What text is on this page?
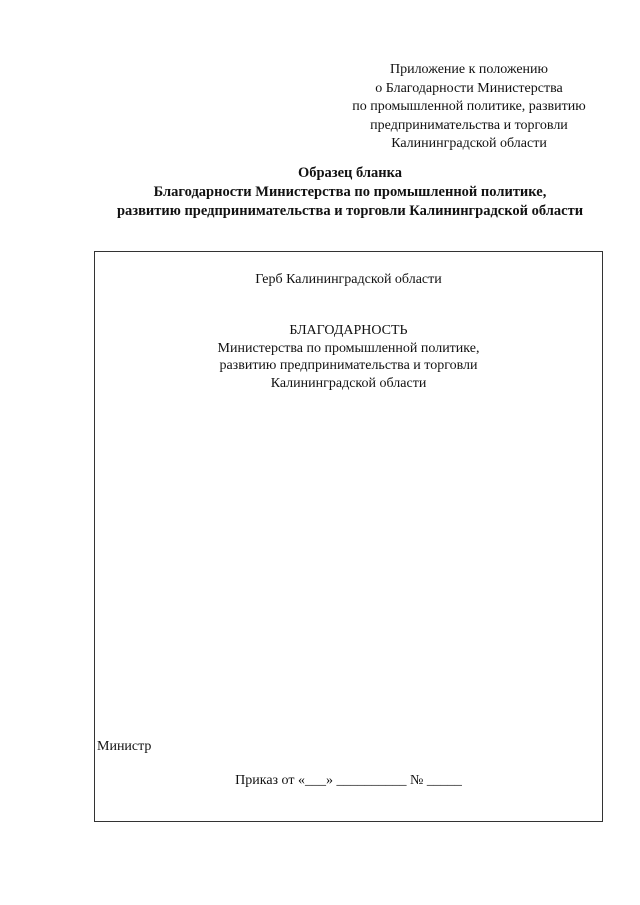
Приложение к положению
о Благодарности Министерства
по промышленной политике, развитию
предпринимательства и торговли
Калининградской области
Образец бланка
Благодарности Министерства по промышленной политике,
развитию предпринимательства и торговли Калининградской области
Герб Калининградской области
БЛАГОДАРНОСТЬ
Министерства по промышленной политике,
развитию предпринимательства и торговли
Калининградской области
Министр
Приказ от «___» __________ № _____
